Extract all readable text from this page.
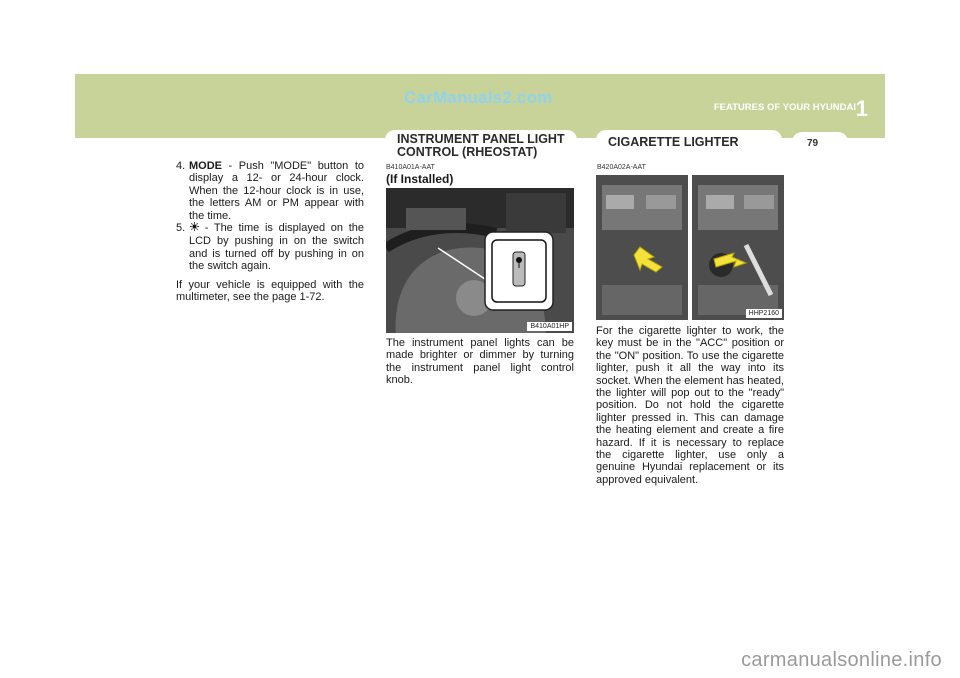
CarManuals2.com
FEATURES OF YOUR HYUNDAI 1
INSTRUMENT PANEL LIGHT CONTROL (RHEOSTAT)
CIGARETTE LIGHTER	79
4. MODE - Push "MODE" button to display a 12- or 24-hour clock. When the 12-hour clock is in use, the letters AM or PM appear with the time.
5. - The time is displayed on the LCD by pushing in on the switch and is turned off by pushing in on the switch again.
If your vehicle is equipped with the multimeter, see the page 1-72.
B410A01A-AAT
(If Installed)
B410A01HP
The instrument panel lights can be made brighter or dimmer by turning the instrument panel light control knob.
B420A02A-AAT
HHP2160
For the cigarette lighter to work, the key must be in the "ACC" position or the "ON" position. To use the cigarette lighter, push it all the way into its socket. When the element has heated, the lighter will pop out to the "ready" position. Do not hold the cigarette lighter pressed in. This can damage the heating element and create a fire hazard. If it is necessary to replace the cigarette lighter, use only a genuine Hyundai replacement or its approved equivalent.
carmanualsonline.info
